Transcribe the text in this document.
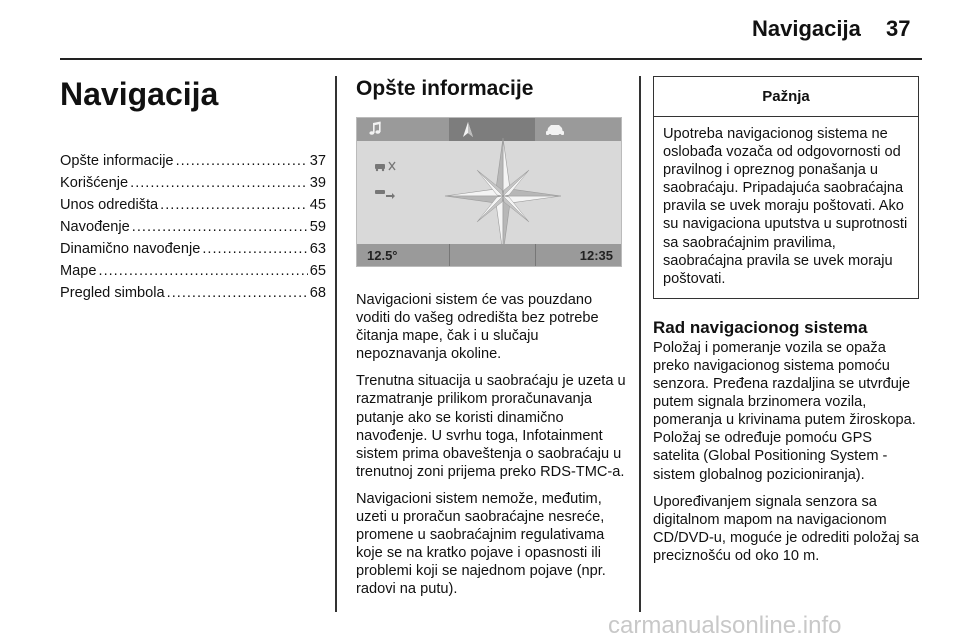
Navigacija 37
Navigacija
Opšte informacije .....	37
Korišćenje .....	39
Unos odredišta .....	45
Navođenje .....	59
Dinamično navođenje .....	63
Mape .....	65
Pregled simbola .....	68
Opšte informacije
12.5°	12:35

Navigacioni sistem će vas pouzdano voditi do vašeg odredišta bez potrebe čitanja mape, čak i u slučaju nepoznavanja okoline.

Trenutna situacija u saobraćaju je uzeta u razmatranje prilikom proračunavanja putanje ako se koristi dinamično navođenje. U svrhu toga, Infotainment sistem prima obaveštenja o saobraćaju u trenutnoj zoni prijema preko RDS-TMC-a.

Navigacioni sistem nemože, međutim, uzeti u proračun saobraćajne nesreće, promene u saobraćajnim regulativama koje se na kratko pojave i opasnosti ili problemi koji se najednom pojave (npr. radovi na putu).

Pažnja
Upotreba navigacionog sistema ne oslobađa vozača od odgovornosti od pravilnog i opreznog ponašanja u saobraćaju. Pripadajuća saobraćajna pravila se uvek moraju poštovati. Ako su navigaciona uputstva u suprotnosti sa saobraćajnim pravilima, saobraćajna pravila se uvek moraju poštovati.
Rad navigacionog sistema

Položaj i pomeranje vozila se opaža preko navigacionog sistema pomoću senzora. Pređena razdaljina se utvrđuje putem signala brzinomera vozila, pomeranja u krivinama putem žiroskopa. Položaj se određuje pomoću GPS satelita (Global Positioning System - sistem globalnog pozicioniranja).

Upoređivanjem signala senzora sa digitalnom mapom na navigacionom CD/DVD-u, moguće je odrediti položaj sa preciznošću od oko 10 m.

carmanualsonline.info
